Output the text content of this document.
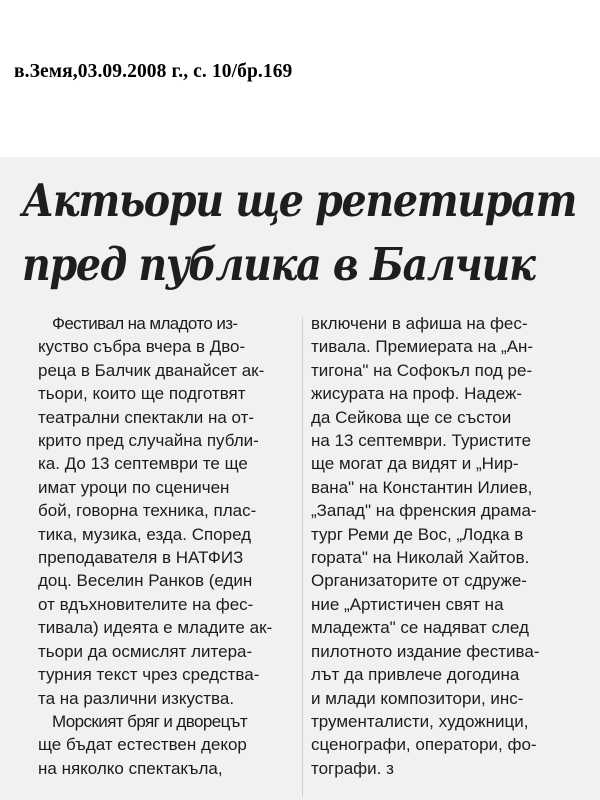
в.Земя,03.09.2008 г., с. 10/бр.169
Актьори ще репетират
пред публика в Балчик
Фестивал на младото из-
куство събра вчера в Дво-
реца в Балчик дванайсет ак-
тьори, които ще подготвят
театрални спектакли на от-
крито пред случайна публи-
ка. До 13 септември те ще
имат уроци по сценичен
бой, говорна техника, плас-
тика, музика, езда. Според
преподавателя в НАТФИЗ
доц. Веселин Ранков (един
от вдъхновителите на фес-
тивала) идеята е младите ак-
тьори да осмислят литера-
турния текст чрез средства-
та на различни изкуства.
Морският бряг и дворецът
ще бъдат естествен декор
на няколко спектакъла,
включени в афиша на фес-
тивала. Премиерата на „Ан-
тигона" на Софокъл под ре-
жисурата на проф. Надеж-
да Сейкова ще се състои
на 13 септември. Туристите
ще могат да видят и „Нир-
вана" на Константин Илиев,
„Запад" на френския драма-
тург Реми де Вос, „Лодка в
гората" на Николай Хайтов.
Организаторите от сдруже-
ние „Артистичен свят на
младежта" се надяват след
пилотното издание фестива-
лът да привлече догодина
и млади композитори, инс-
трументалисти, художници,
сценографи, оператори, фо-
тографи. з
